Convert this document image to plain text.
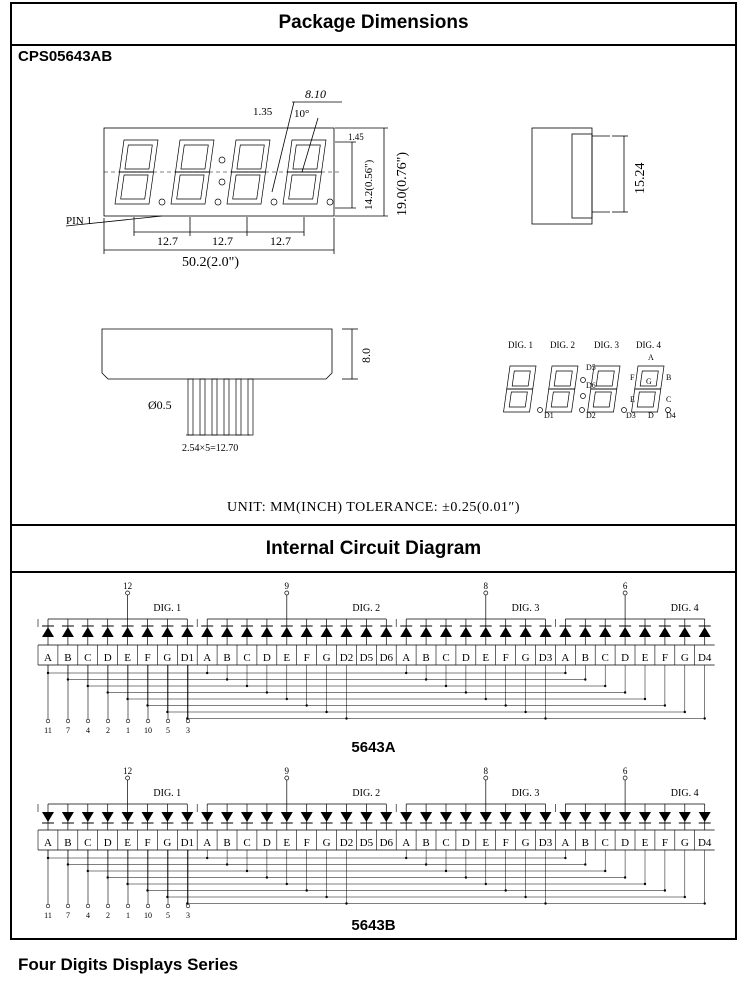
Package Dimensions
CPS05643AB
12.7	12.7	12.7
50.2(2.0")
14.2(0.56") 19.0(0.76")
1.45
1.35 10°
8.10
PIN 1
15.24
2.54×5=12.70
Ø0.5
8.0
DIG. 1 DIG. 2 DIG. 3 DIG. 4
A
F G B
E	C
D
D1	D2	D3	D4
D5
D6
UNIT: MM(INCH) TOLERANCE: ±0.25(0.01″)
Internal Circuit Diagram
A B C D E F G D1 A B C D E F G D2 D5 D6 A B C D E F G D3 A B C D E F G D4
12
DIG. 1
9
DIG. 2
8
DIG. 3
6
DIG. 4
11 7 4 2 1 10 5 3
5643A
A B C D E F G D1 A B C D E F G D2 D5 D6 A B C D E F G D3 A B C D E F G D4
12
DIG. 1
9
DIG. 2
8
DIG. 3
6
DIG. 4
11 7 4 2 1 10 5 3
5643B
Four Digits Displays Series
